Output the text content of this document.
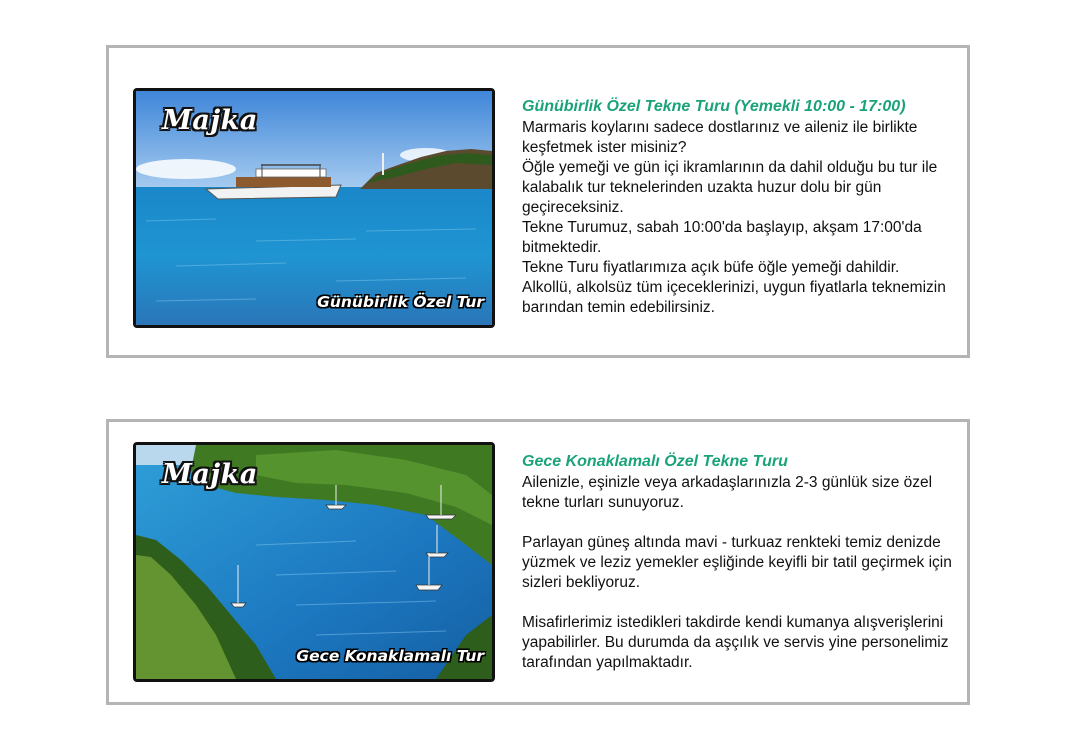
Majka
Günübirlik Özel Tur
Günübirlik Özel Tekne Turu (Yemekli 10:00 - 17:00)

Marmaris koylarını sadece dostlarınız ve aileniz ile birlikte keşfetmek ister misiniz?

Öğle yemeği ve gün içi ikramlarının da dahil olduğu bu tur ile kalabalık tur teknelerinden uzakta huzur dolu bir gün geçireceksiniz.

Tekne Turumuz, sabah 10:00'da başlayıp, akşam 17:00'da bitmektedir.

Tekne Turu fiyatlarımıza açık büfe öğle yemeği dahildir.

Alkollü, alkolsüz tüm içeceklerinizi, uygun fiyatlarla teknemizin barından temin edebilirsiniz.

Majka
Gece Konaklamalı Tur
Gece Konaklamalı Özel Tekne Turu

Ailenizle, eşinizle veya arkadaşlarınızla 2-3 günlük size özel tekne turları sunuyoruz.

Parlayan güneş altında mavi - turkuaz renkteki temiz denizde yüzmek ve leziz yemekler eşliğinde keyifli bir tatil geçirmek için sizleri bekliyoruz.

Misafirlerimiz istedikleri takdirde kendi kumanya alışverişlerini yapabilirler. Bu durumda da aşçılık ve servis yine personelimiz tarafından yapılmaktadır.
